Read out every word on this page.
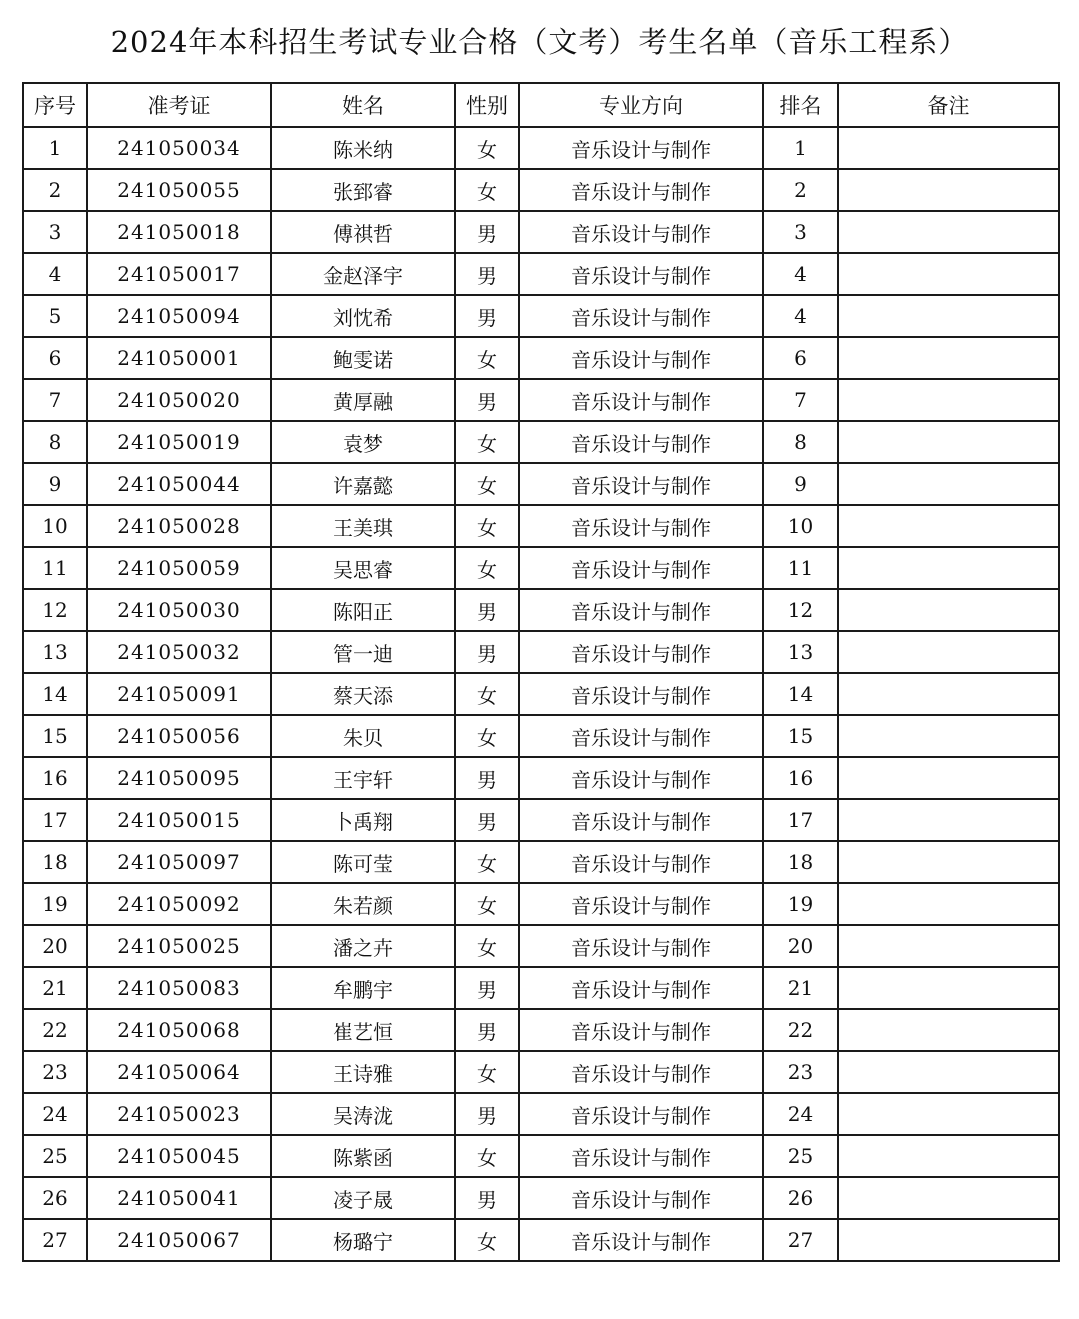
2024年本科招生考试专业合格（文考）考生名单（音乐工程系）
序号	准考证	姓名	性别	专业方向	排名	备注
1	241050034	陈米纳	女	音乐设计与制作	1	
2	241050055	张郅睿	女	音乐设计与制作	2	
3	241050018	傅祺哲	男	音乐设计与制作	3	
4	241050017	金赵泽宇	男	音乐设计与制作	4	
5	241050094	刘忱希	男	音乐设计与制作	4	
6	241050001	鲍雯诺	女	音乐设计与制作	6	
7	241050020	黄厚融	男	音乐设计与制作	7	
8	241050019	袁梦	女	音乐设计与制作	8	
9	241050044	许嘉懿	女	音乐设计与制作	9	
10	241050028	王美琪	女	音乐设计与制作	10	
11	241050059	吴思睿	女	音乐设计与制作	11	
12	241050030	陈阳正	男	音乐设计与制作	12	
13	241050032	管一迪	男	音乐设计与制作	13	
14	241050091	蔡天添	女	音乐设计与制作	14	
15	241050056	朱贝	女	音乐设计与制作	15	
16	241050095	王宇轩	男	音乐设计与制作	16	
17	241050015	卜禹翔	男	音乐设计与制作	17	
18	241050097	陈可莹	女	音乐设计与制作	18	
19	241050092	朱若颜	女	音乐设计与制作	19	
20	241050025	潘之卉	女	音乐设计与制作	20	
21	241050083	牟鹏宇	男	音乐设计与制作	21	
22	241050068	崔艺恒	男	音乐设计与制作	22	
23	241050064	王诗雅	女	音乐设计与制作	23	
24	241050023	吴涛泷	男	音乐设计与制作	24	
25	241050045	陈紫函	女	音乐设计与制作	25	
26	241050041	凌子晟	男	音乐设计与制作	26	
27	241050067	杨璐宁	女	音乐设计与制作	27	
